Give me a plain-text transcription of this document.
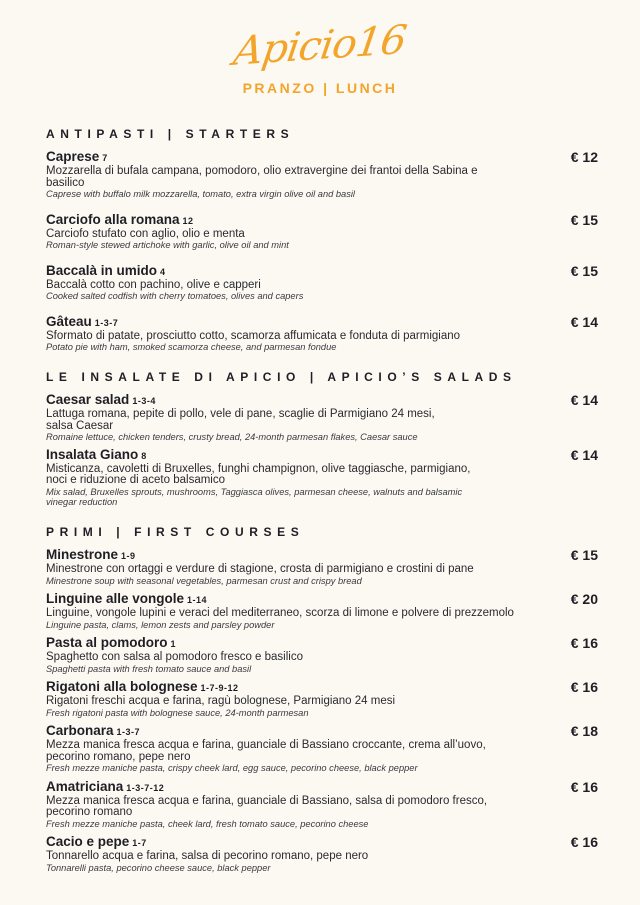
Apicio16
PRANZO | LUNCH
ANTIPASTI | STARTERS
Caprese 7	€ 12
Mozzarella di bufala campana, pomodoro, olio extravergine dei frantoi della Sabina e
basilico
Caprese with buffalo milk mozzarella, tomato, extra virgin olive oil and basil
Carciofo alla romana 12	€ 15
Carciofo stufato con aglio, olio e menta
Roman-style stewed artichoke with garlic, olive oil and mint
Baccalà in umido 4	€ 15
Baccalà cotto con pachino, olive e capperi
Cooked salted codfish with cherry tomatoes, olives and capers
Gâteau 1-3-7	€ 14
Sformato di patate, prosciutto cotto, scamorza affumicata e fonduta di parmigiano
Potato pie with ham, smoked scamorza cheese, and parmesan fondue
LE INSALATE DI APICIO | APICIO’S SALADS
Caesar salad 1-3-4	€ 14
Lattuga romana, pepite di pollo, vele di pane, scaglie di Parmigiano 24 mesi,
salsa Caesar
Romaine lettuce, chicken tenders, crusty bread, 24-month parmesan flakes, Caesar sauce
Insalata Giano 8	€ 14
Misticanza, cavoletti di Bruxelles, funghi champignon, olive taggiasche, parmigiano,
noci e riduzione di aceto balsamico
Mix salad, Bruxelles sprouts, mushrooms, Taggiasca olives, parmesan cheese, walnuts and balsamic
vinegar reduction
PRIMI | FIRST COURSES
Minestrone 1-9	€ 15
Minestrone con ortaggi e verdure di stagione, crosta di parmigiano e crostini di pane
Minestrone soup with seasonal vegetables, parmesan crust and crispy bread
Linguine alle vongole 1-14	€ 20
Linguine, vongole lupini e veraci del mediterraneo, scorza di limone e polvere di prezzemolo
Linguine pasta, clams, lemon zests and parsley powder
Pasta al pomodoro 1	€ 16
Spaghetto con salsa al pomodoro fresco e basilico
Spaghetti pasta with fresh tomato sauce and basil
Rigatoni alla bolognese 1-7-9-12	€ 16
Rigatoni freschi acqua e farina, ragù bolognese, Parmigiano 24 mesi
Fresh rigatoni pasta with bolognese sauce, 24-month parmesan
Carbonara 1-3-7	€ 18
Mezza manica fresca acqua e farina, guanciale di Bassiano croccante, crema all’uovo,
pecorino romano, pepe nero
Fresh mezze maniche pasta, crispy cheek lard, egg sauce, pecorino cheese, black pepper
Amatriciana 1-3-7-12	€ 16
Mezza manica fresca acqua e farina, guanciale di Bassiano, salsa di pomodoro fresco,
pecorino romano
Fresh mezze maniche pasta, cheek lard, fresh tomato sauce, pecorino cheese
Cacio e pepe 1-7	€ 16
Tonnarello acqua e farina, salsa di pecorino romano, pepe nero
Tonnarelli pasta, pecorino cheese sauce, black pepper
